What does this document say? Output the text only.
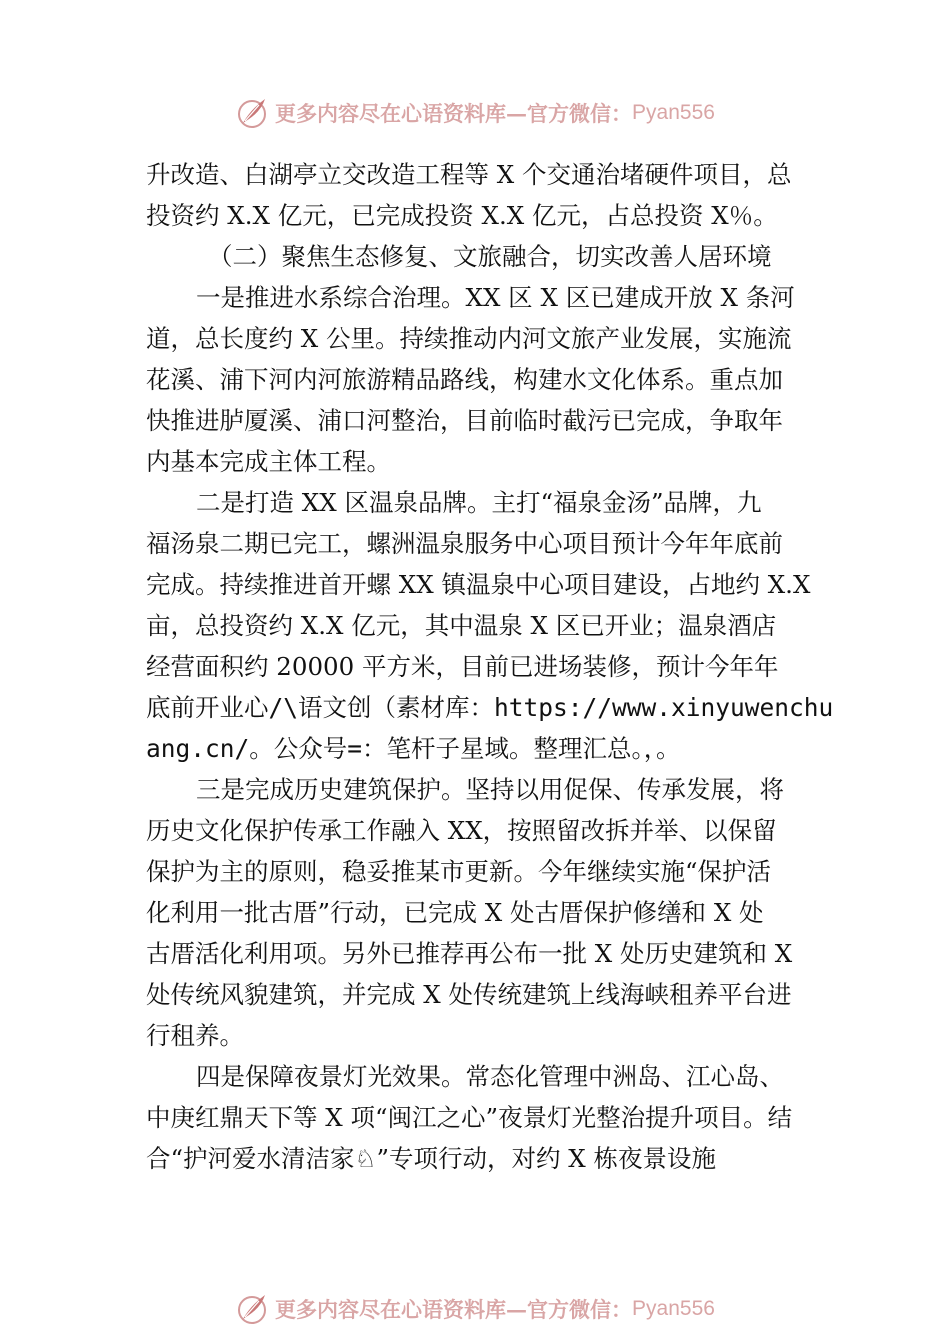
更多内容尽在心语资料库—官方微信： Pyan556
升改造、白湖亭立交改造工程等 X 个交通治堵硬件项目，总
投资约 X.X 亿元，已完成投资 X.X 亿元，占总投资 X％。
（二）聚焦生态修复、文旅融合，切实改善人居环境
一是推进水系综合治理。XX 区 X 区已建成开放 X 条河
道，总长度约 X 公里。持续推动内河文旅产业发展，实施流
花溪、浦下河内河旅游精品路线，构建水文化体系。重点加
快推进胪厦溪、浦口河整治，目前临时截污已完成，争取年
内基本完成主体工程。
二是打造 XX 区温泉品牌。主打“福泉金汤”品牌，九
福汤泉二期已完工，螺洲温泉服务中心项目预计今年年底前
完成。持续推进首开螺 XX 镇温泉中心项目建设，占地约 X.X
亩，总投资约 X.X 亿元，其中温泉 X 区已开业；温泉酒店
经营面积约 20000 平方米，目前已进场装修，预计今年年
底前开业心/\语文创（素材库：https://www.xinyuwenchu
ang.cn/。公众号=：笔杆子星域。整理汇总。，。
三是完成历史建筑保护。坚持以用促保、传承发展，将
历史文化保护传承工作融入 XX，按照留改拆并举、以保留
保护为主的原则，稳妥推某市更新。今年继续实施“保护活
化利用一批古厝”行动，已完成 X 处古厝保护修缮和 X 处
古厝活化利用项。另外已推荐再公布一批 X 处历史建筑和 X
处传统风貌建筑，并完成 X 处传统建筑上线海峡租养平台进
行租养。
四是保障夜景灯光效果。常态化管理中洲岛、江心岛、
中庚红鼎天下等 X 项“闽江之心”夜景灯光整治提升项目。结
合“护河爱水清洁家♘”专项行动，对约 X 栋夜景设施
更多内容尽在心语资料库—官方微信： Pyan556
